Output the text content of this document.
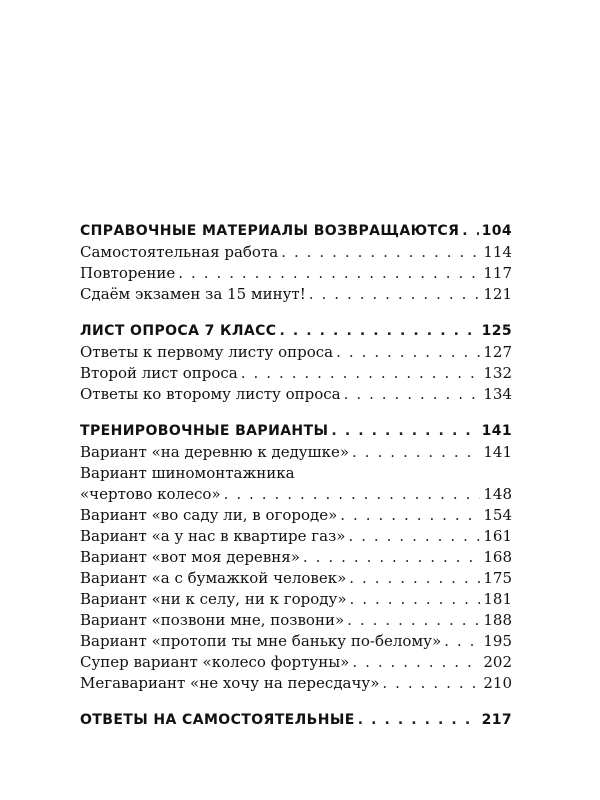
СПРАВОЧНЫЕ МАТЕРИАЛЫ ВОЗВРАЩАЮТСЯ . . . 104
Самостоятельная работа . . .	114
Повторение . . .	117
Сдаём экзамен за 15 минут! . . .	121
ЛИСТ ОПРОСА 7 КЛАСС . . .	125
Ответы к первому листу опроса . . .	127
Второй лист опроса . . .	132
Ответы ко второму листу опроса . . .	134
ТРЕНИРОВОЧНЫЕ ВАРИАНТЫ . . .	141
Вариант «на деревню к дедушке» . . .	141
Вариант шиномонтажника
«чертово колесо» . . .	148
Вариант «во саду ли, в огороде» . . .	154
Вариант «а у нас в квартире газ» . . .	161
Вариант «вот моя деревня» . . .	168
Вариант «а с бумажкой человек» . . .	175
Вариант «ни к селу, ни к городу» . . .	181
Вариант «позвони мне, позвони» . . .	188
Вариант «протопи ты мне баньку по-белому» . . .	195
Супер вариант «колесо фортуны» . . .	202
Мегавариант «не хочу на пересдачу» . . .	210
ОТВЕТЫ НА САМОСТОЯТЕЛЬНЫЕ . . .	217
